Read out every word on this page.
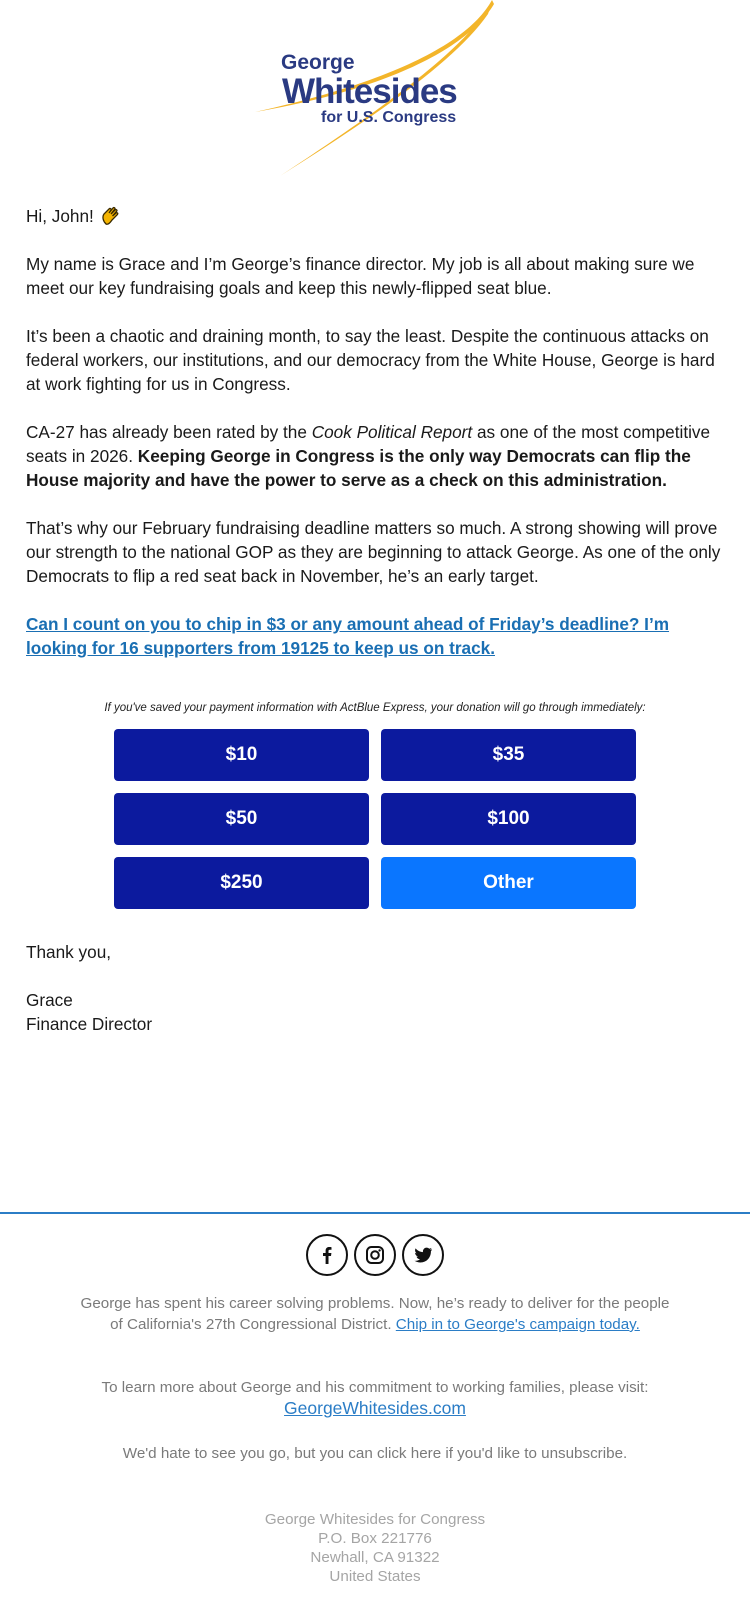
George
Whitesides
for U.S. Congress

Hi, John!

My name is Grace and I’m George’s finance director. My job is all about making sure we meet our key fundraising goals and keep this newly-flipped seat blue.

It’s been a chaotic and draining month, to say the least. Despite the continuous attacks on federal workers, our institutions, and our democracy from the White House, George is hard at work fighting for us in Congress.

CA-27 has already been rated by the Cook Political Report as one of the most competitive seats in 2026. Keeping George in Congress is the only way Democrats can flip the House majority and have the power to serve as a check on this administration.

That’s why our February fundraising deadline matters so much. A strong showing will prove our strength to the national GOP as they are beginning to attack George. As one of the only Democrats to flip a red seat back in November, he’s an early target.

Can I count on you to chip in $3 or any amount ahead of Friday’s deadline? I’m looking for 16 supporters from 19125 to keep us on track.

If you've saved your payment information with ActBlue Express, your donation will go through immediately:
$10	$35
$50	$100
$250	Other

Thank you,

Grace
Finance Director
George has spent his career solving problems. Now, he’s ready to deliver for the people of California's 27th Congressional District. Chip in to George's campaign today.
To learn more about George and his commitment to working families, please visit:
GeorgeWhitesides.com
We'd hate to see you go, but you can click here if you'd like to unsubscribe.
George Whitesides for Congress
P.O. Box 221776
Newhall, CA 91322
United States
